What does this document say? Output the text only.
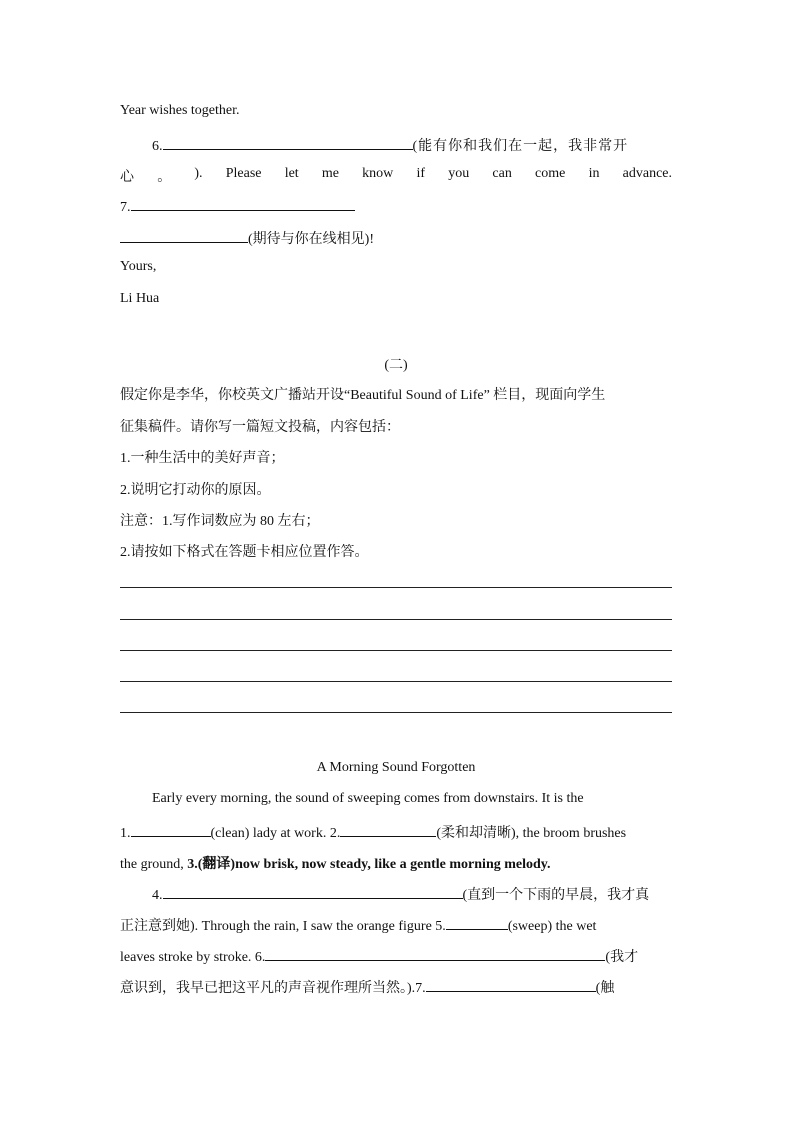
Year wishes together.
6.	(能有你和我们在一起，我非常开
心 。 ). Please let me know if you can come in advance.
7.
(期待与你在线相见)!
Yours,
Li Hua
(二)
假定你是李华，你校英文广播站开设“Beautiful Sound of Life” 栏目，现面向学生
征集稿件。请你写一篇短文投稿，内容包括：
1.一种生活中的美好声音；
2.说明它打动你的原因。
注意：1.写作词数应为 80 左右；
2.请按如下格式在答题卡相应位置作答。
A Morning Sound Forgotten
Early every morning, the sound of sweeping comes from downstairs. It is the
1.	(clean) lady at work. 2.	(柔和却清晰), the broom brushes
the ground, 3.(翻译)now brisk, now steady, like a gentle morning melody.
4.	(直到一个下雨的早晨，我才真
正注意到她). Through the rain, I saw the orange figure 5.	(sweep) the wet
leaves stroke by stroke. 6.	(我才
意识到，我早已把这平凡的声音视作理所当然。).7.	(触
